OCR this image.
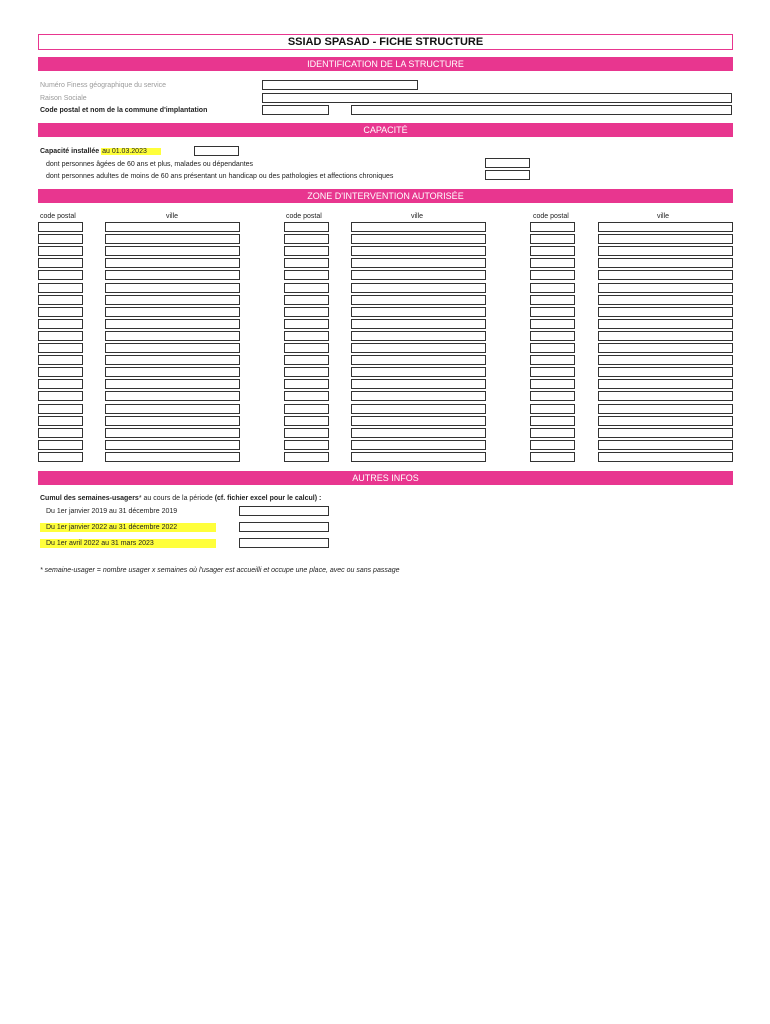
SSIAD SPASAD - FICHE STRUCTURE
IDENTIFICATION DE LA STRUCTURE
Numéro Finess géographique du service
Raison Sociale
Code postal et nom de la commune d'implantation
CAPACITÉ
Capacité installée au 01.03.2023
dont personnes âgées de 60 ans et plus, malades ou dépendantes
dont personnes adultes de moins de 60 ans présentant un handicap ou des pathologies et affections chroniques
ZONE D'INTERVENTION AUTORISÉE
code postal	ville	code postal	ville	code postal	ville
AUTRES INFOS
Cumul des semaines-usagers* au cours de la période (cf. fichier excel pour le calcul) :
Du 1er janvier 2019 au 31 décembre 2019
Du 1er janvier 2022 au 31 décembre 2022
Du 1er avril 2022 au 31 mars 2023
* semaine-usager = nombre usager x semaines où l'usager est accueilli et occupe une place, avec ou sans passage
